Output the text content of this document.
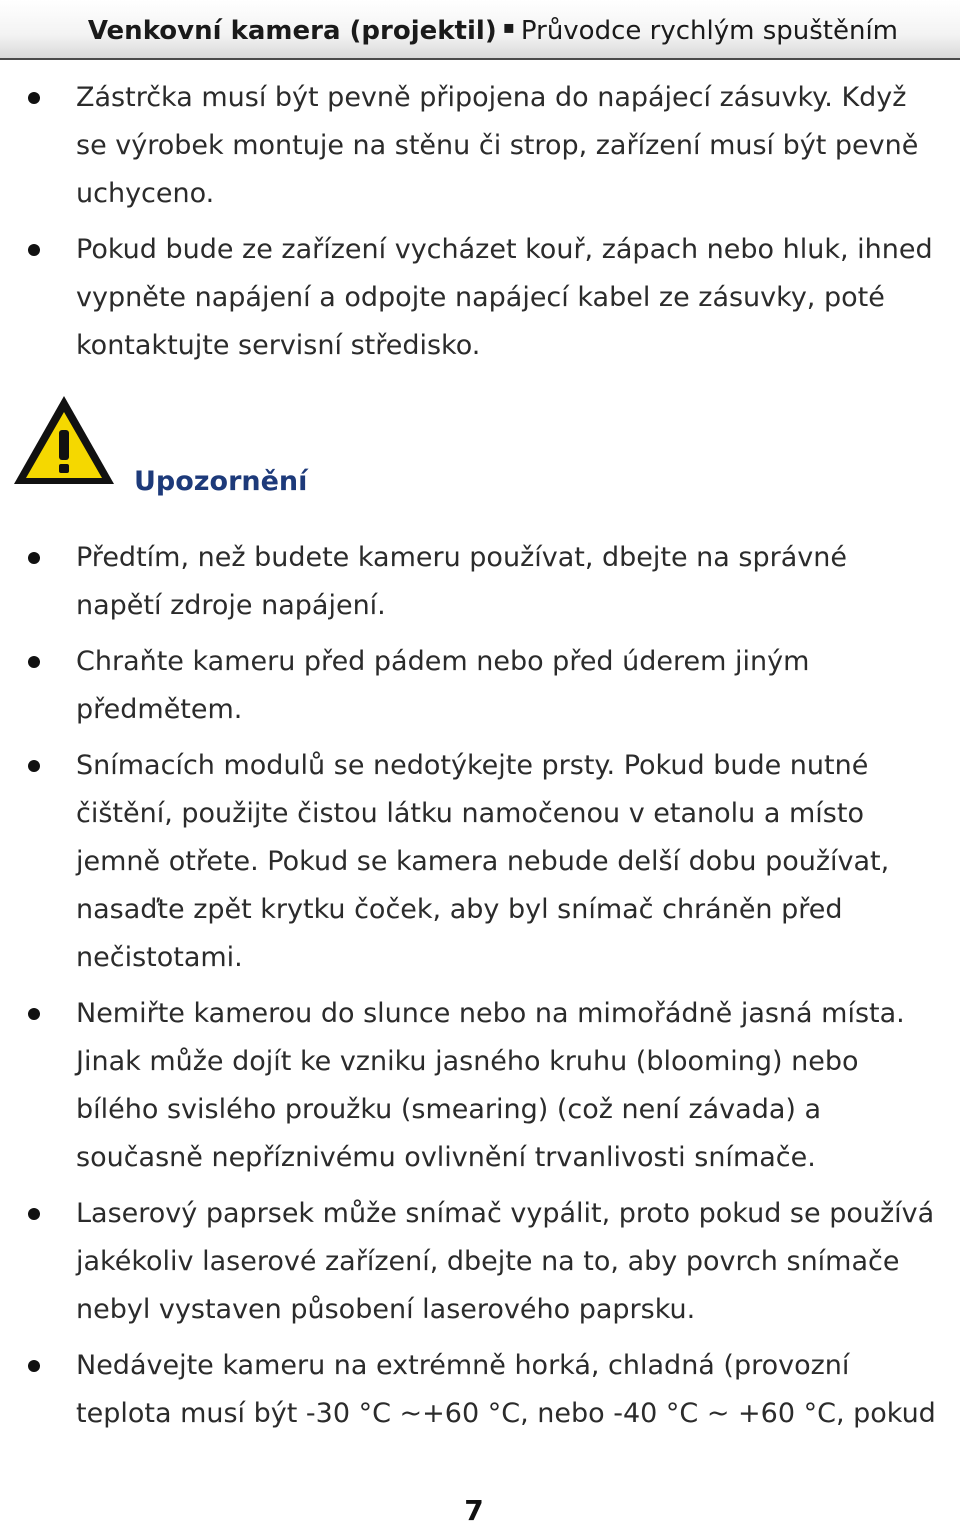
Venkovní kamera (projektil) ▪ Průvodce rychlým spuštěním
Zástrčka musí být pevně připojena do napájecí zásuvky. Když se výrobek montuje na stěnu či strop, zařízení musí být pevně uchyceno.
Pokud bude ze zařízení vycházet kouř, zápach nebo hluk, ihned vypněte napájení a odpojte napájecí kabel ze zásuvky, poté kontaktujte servisní středisko.
Upozornění
Předtím, než budete kameru používat, dbejte na správné napětí zdroje napájení.
Chraňte kameru před pádem nebo před úderem jiným předmětem.
Snímacích modulů se nedotýkejte prsty. Pokud bude nutné čištění, použijte čistou látku namočenou v etanolu a místo jemně otřete. Pokud se kamera nebude delší dobu používat, nasaďte zpět krytku čoček, aby byl snímač chráněn před nečistotami.
Nemiřte kamerou do slunce nebo na mimořádně jasná místa. Jinak může dojít ke vzniku jasného kruhu (blooming) nebo bílého svislého proužku (smearing) (což není závada) a současně nepříznivému ovlivnění trvanlivosti snímače.
Laserový paprsek může snímač vypálit, proto pokud se používá jakékoliv laserové zařízení, dbejte na to, aby povrch snímače nebyl vystaven působení laserového paprsku.
Nedávejte kameru na extrémně horká, chladná (provozní teplota musí být -30 °C ~+60 °C, nebo -40 °C ~ +60 °C, pokud
7
